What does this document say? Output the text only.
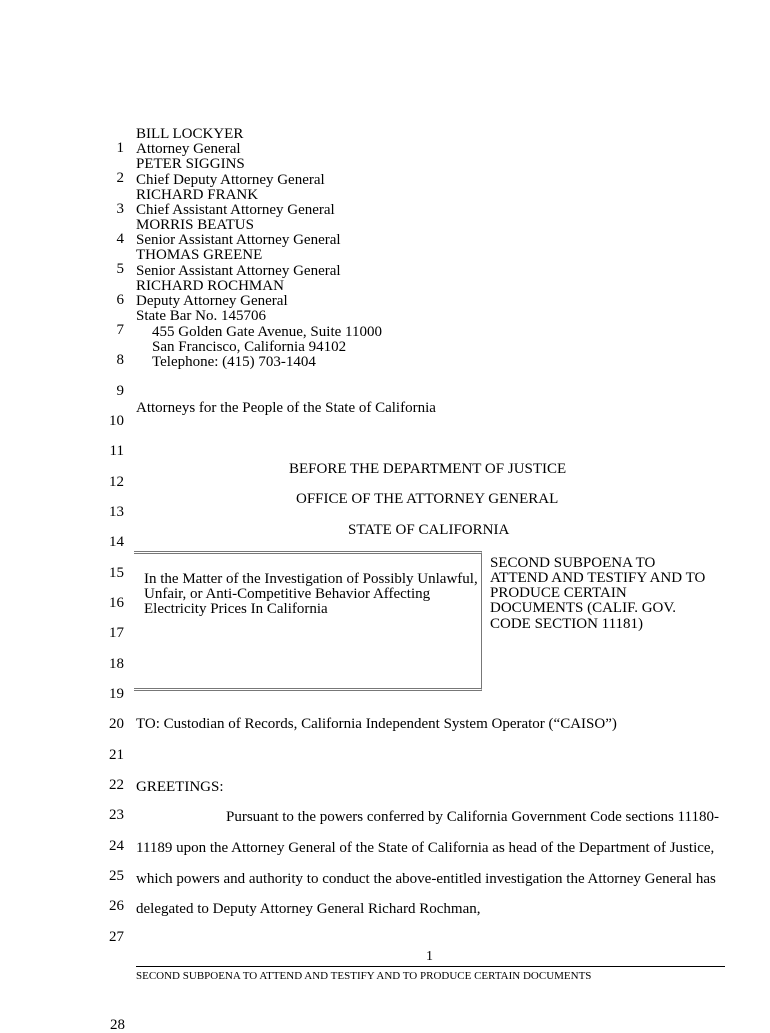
1
2
3
4
5
6
7
8
9
10
11
12
13
14
15
16
17
18
19
20
21
22
23
24
25
26
27
28
BILL LOCKYER
Attorney General
PETER SIGGINS
Chief Deputy Attorney General
RICHARD FRANK
Chief Assistant Attorney General
MORRIS BEATUS
Senior Assistant Attorney General
THOMAS GREENE
Senior Assistant Attorney General
RICHARD ROCHMAN
Deputy Attorney General
State Bar No. 145706
455 Golden Gate Avenue, Suite 11000
San Francisco, California 94102
Telephone: (415) 703-1404
Attorneys for the People of the State of California
BEFORE THE DEPARTMENT OF JUSTICE
OFFICE OF THE ATTORNEY GENERAL
STATE OF CALIFORNIA
In the Matter of the Investigation of Possibly Unlawful,
Unfair, or Anti-Competitive Behavior Affecting
Electricity Prices In California
SECOND SUBPOENA TO
ATTEND AND TESTIFY AND TO
PRODUCE CERTAIN
DOCUMENTS (CALIF. GOV.
CODE SECTION 11181)
TO: Custodian of Records, California Independent System Operator (“CAISO”)
GREETINGS:
Pursuant to the powers conferred by California Government Code sections 11180-
11189 upon the Attorney General of the State of California as head of the Department of Justice,
which powers and authority to conduct the above-entitled investigation the Attorney General has
delegated to Deputy Attorney General Richard Rochman,
1
SECOND SUBPOENA TO ATTEND AND TESTIFY AND TO PRODUCE CERTAIN DOCUMENTS
